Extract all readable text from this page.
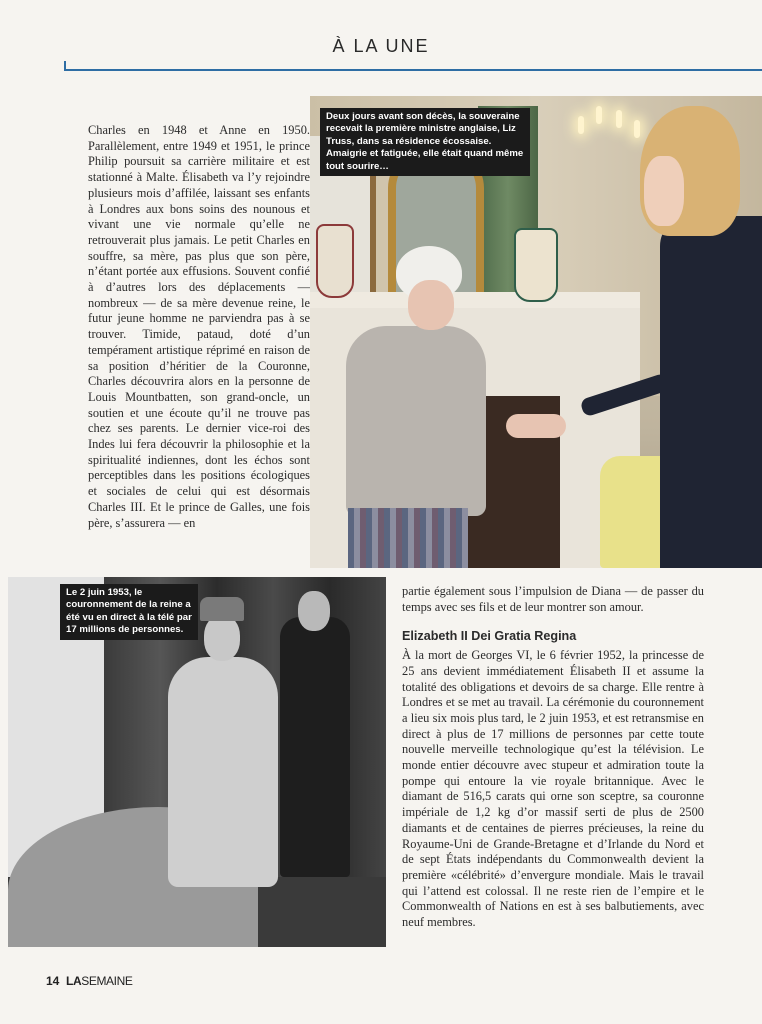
À LA UNE

Charles en 1948 et Anne en 1950. Parallèlement, entre 1949 et 1951, le prince Philip poursuit sa carrière militaire et est stationné à Malte. Élisabeth va l’y rejoindre plusieurs mois d’affilée, laissant ses enfants à Londres aux bons soins des nounous et vivant une vie normale qu’elle ne retrouverait plus jamais. Le petit Charles en souffre, sa mère, pas plus que son père, n’étant portée aux effusions. Souvent confié à d’autres lors des déplacements — nombreux — de sa mère devenue reine, le futur jeune homme ne parviendra pas à se trouver. Timide, pataud, doté d’un tempérament artistique réprimé en raison de sa position d’héritier de la Couronne, Charles découvrira alors en la personne de Louis Mountbatten, son grand-oncle, un soutien et une écoute qu’il ne trouve pas chez ses parents. Le dernier vice-roi des Indes lui fera découvrir la philosophie et la spiritualité indiennes, dont les échos sont perceptibles dans les positions écologiques et sociales de celui qui est désormais Charles III. Et le prince de Galles, une fois père, s’assurera — en

Deux jours avant son décès, la souveraine recevait la première ministre anglaise, Liz Truss, dans sa résidence écossaise. Amaigrie et fatiguée, elle était quand même tout sourire…
Le 2 juin 1953, le couronnement de la reine a été vu en direct à la télé par 17 millions de personnes.

partie également sous l’impulsion de Diana — de passer du temps avec ses fils et de leur montrer son amour.

Elizabeth II Dei Gratia Regina

À la mort de Georges VI, le 6 février 1952, la princesse de 25 ans devient immédiatement Élisabeth II et assume la totalité des obligations et devoirs de sa charge. Elle rentre à Londres et se met au travail. La cérémonie du couronnement a lieu six mois plus tard, le 2 juin 1953, et est retransmise en direct à plus de 17 millions de personnes par cette toute nouvelle merveille technologique qu’est la télévision. Le monde entier découvre avec stupeur et admiration toute la pompe qui entoure la vie royale britannique. Avec le diamant de 516,5 carats qui orne son sceptre, sa couronne impériale de 1,2 kg d’or massif serti de plus de 2500 diamants et de centaines de pierres précieuses, la reine du Royaume-Uni de Grande-Bretagne et d’Irlande du Nord et de sept États indépendants du Commonwealth devient la première «célébrité» d’envergure mondiale. Mais le travail qui l’attend est colossal. Il ne reste rien de l’empire et le Commonwealth of Nations en est à ses balbutiements, avec neuf membres.

14 LASEMAINE
